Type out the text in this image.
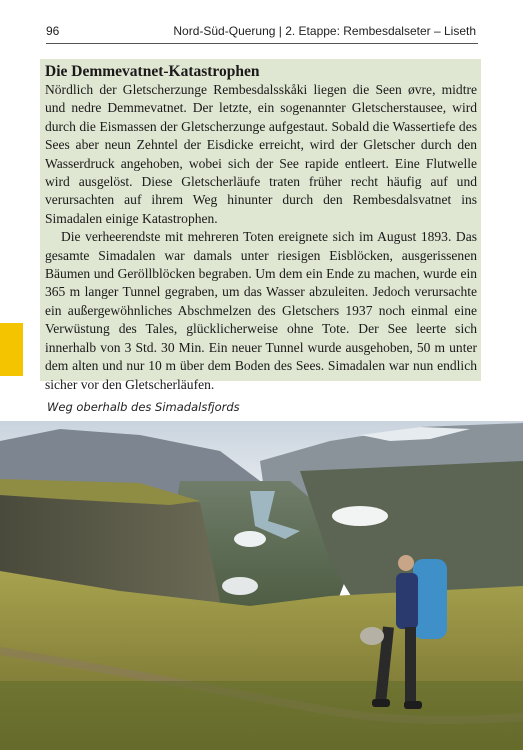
96	Nord-Süd-Querung | 2. Etappe: Rembesdalseter – Liseth

Die Demmevatnet-Katastrophen

Nördlich der Gletscherzunge Rembesdalsskåki liegen die Seen øvre, midtre und nedre Demmevatnet. Der letzte, ein sogenannter Gletscherstausee, wird durch die Eismassen der Gletscherzunge aufgestaut. Sobald die Wassertiefe des Sees aber neun Zehntel der Eisdicke erreicht, wird der Gletscher durch den Wasserdruck angehoben, wobei sich der See rapide entleert. Eine Flutwelle wird ausgelöst. Diese Gletscherläufe traten früher recht häufig auf und verursachten auf ihrem Weg hinunter durch den Rembesdalsvatnet ins Simadalen einige Katastrophen.

Die verheerendste mit mehreren Toten ereignete sich im August 1893. Das gesamte Simadalen war damals unter riesigen Eisblöcken, ausgerissenen Bäumen und Geröllblöcken begraben. Um dem ein Ende zu machen, wurde ein 365 m langer Tunnel gegraben, um das Wasser abzuleiten. Jedoch verursachte ein außergewöhnliches Abschmelzen des Gletschers 1937 noch einmal eine Verwüstung des Tales, glücklicherweise ohne Tote. Der See leerte sich innerhalb von 3 Std. 30 Min. Ein neuer Tunnel wurde ausgehoben, 50 m unter dem alten und nur 10 m über dem Boden des Sees. Simadalen war nun endlich sicher vor den Gletscherläufen.

Weg oberhalb des Simadalsfjords
